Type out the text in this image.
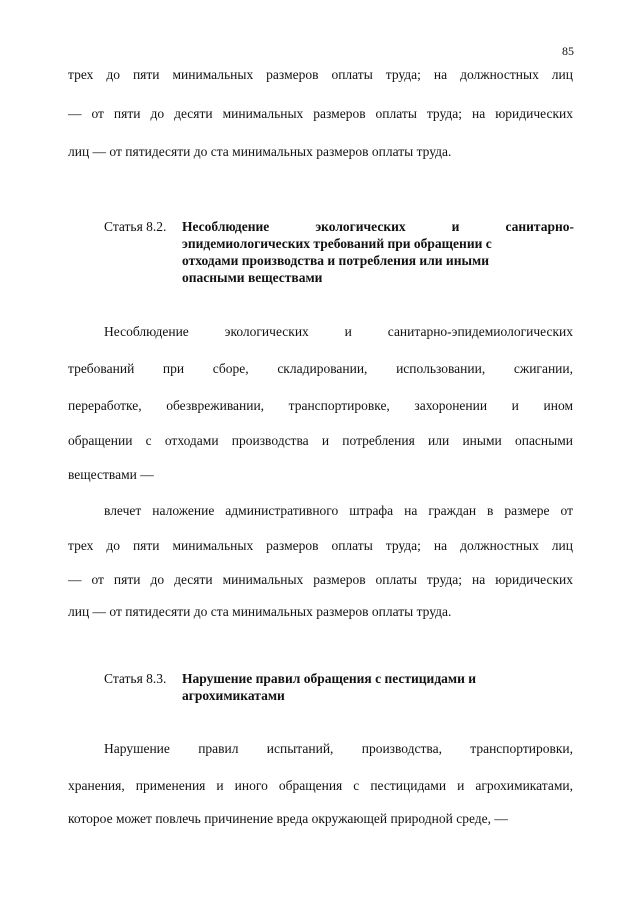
85
трех до пяти минимальных размеров оплаты труда; на должностных лиц
— от пяти до десяти минимальных размеров оплаты труда; на юридических
лиц — от пятидесяти до ста минимальных размеров оплаты труда.
Статья 8.2. Несоблюдение экологических и санитарно-
эпидемиологических требований при обращении с
отходами производства и потребления или иными
опасными веществами
Несоблюдение экологических и санитарно-эпидемиологических
требований при сборе, складировании, использовании, сжигании,
переработке, обезвреживании, транспортировке, захоронении и ином
обращении с отходами производства и потребления или иными опасными
веществами —
влечет наложение административного штрафа на граждан в размере от
трех до пяти минимальных размеров оплаты труда; на должностных лиц
— от пяти до десяти минимальных размеров оплаты труда; на юридических
лиц — от пятидесяти до ста минимальных размеров оплаты труда.
Статья 8.3. Нарушение правил обращения с пестицидами и
агрохимикатами
Нарушение правил испытаний, производства, транспортировки,
хранения, применения и иного обращения с пестицидами и агрохимикатами,
которое может повлечь причинение вреда окружающей природной среде, —
